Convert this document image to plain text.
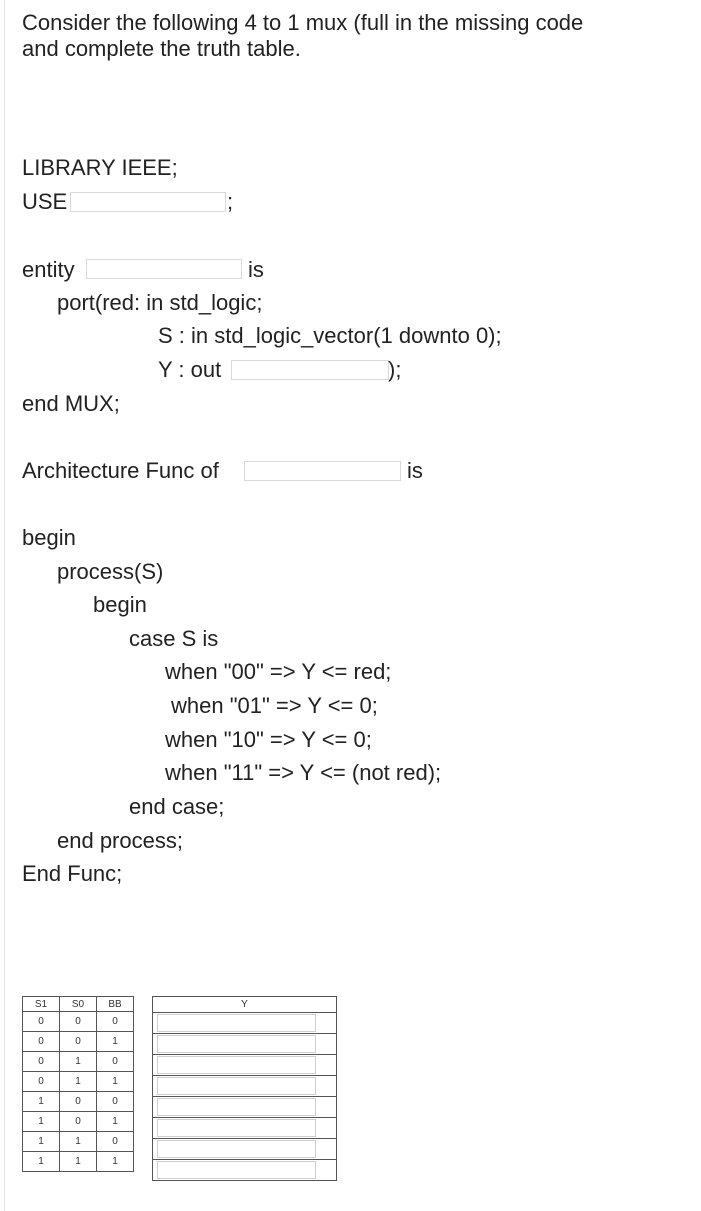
Consider the following 4 to 1 mux (full in the missing code
and complete the truth table.
LIBRARY IEEE;
USE	;
entity	is
port(red: in std_logic;
S : in std_logic_vector(1 downto 0);
Y : out	);
end MUX;
Architecture Func of	is
begin
process(S)
begin
case S is
when "00" => Y <= red;
when "01" => Y <= 0;
when "10" => Y <= 0;
when "11" => Y <= (not red);
end case;
end process;
End Func;
S1	S0	BB
0	0	0
0	0	1
0	1	0
0	1	1
1	0	0
1	0	1
1	1	0
1	1	1
Y
